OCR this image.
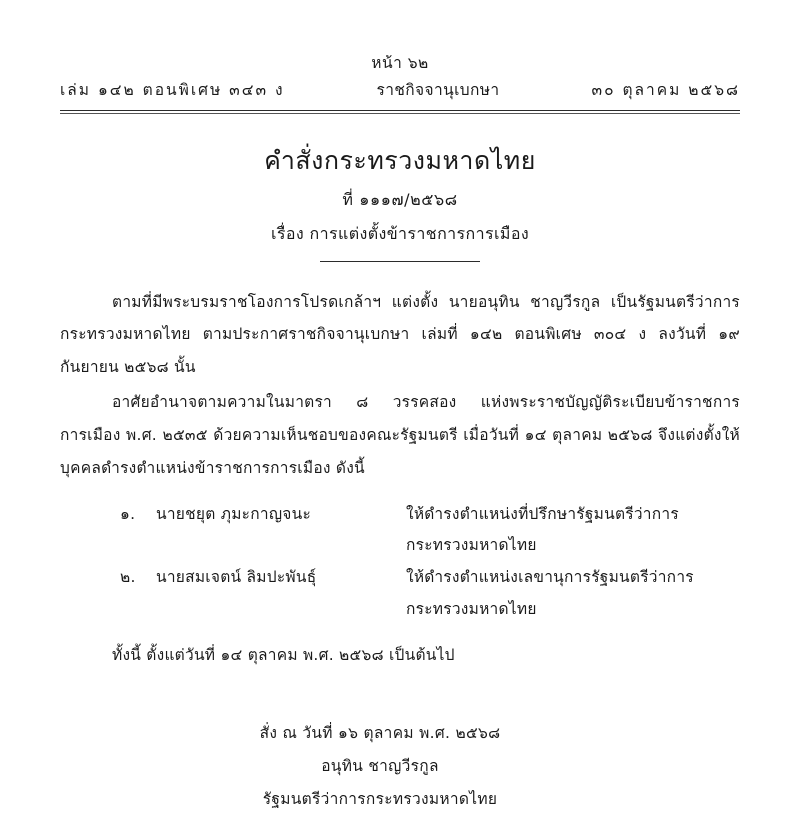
หน้า ๖๒
เล่ม ๑๔๒ ตอนพิเศษ ๓๔๓ ง	ราชกิจจานุเบกษา	๓๐ ตุลาคม ๒๕๖๘
คำสั่งกระทรวงมหาดไทย
ที่ ๑๑๑๗/๒๕๖๘
เรื่อง การแต่งตั้งข้าราชการการเมือง

ตามที่มีพระบรมราชโองการโปรดเกล้าฯ แต่งตั้ง นายอนุทิน ชาญวีรกูล เป็นรัฐมนตรีว่าการกระทรวงมหาดไทย ตามประกาศราชกิจจานุเบกษา เล่มที่ ๑๔๒ ตอนพิเศษ ๓๐๔ ง ลงวันที่ ๑๙ กันยายน ๒๕๖๘ นั้น

อาศัยอำนาจตามความในมาตรา ๘ วรรคสอง แห่งพระราชบัญญัติระเบียบข้าราชการการเมือง พ.ศ. ๒๕๓๕ ด้วยความเห็นชอบของคณะรัฐมนตรี เมื่อวันที่ ๑๔ ตุลาคม ๒๕๖๘ จึงแต่งตั้งให้บุคคลดำรงตำแหน่งข้าราชการการเมือง ดังนี้

๑.	นายชยุต ภุมะกาญจนะ	ให้ดำรงตำแหน่งที่ปรึกษารัฐมนตรีว่าการ
กระทรวงมหาดไทย
๒.	นายสมเจตน์ ลิมปะพันธุ์	ให้ดำรงตำแหน่งเลขานุการรัฐมนตรีว่าการ
กระทรวงมหาดไทย
ทั้งนี้ ตั้งแต่วันที่ ๑๔ ตุลาคม พ.ศ. ๒๕๖๘ เป็นต้นไป
สั่ง ณ วันที่ ๑๖ ตุลาคม พ.ศ. ๒๕๖๘
อนุทิน ชาญวีรกูล
รัฐมนตรีว่าการกระทรวงมหาดไทย
